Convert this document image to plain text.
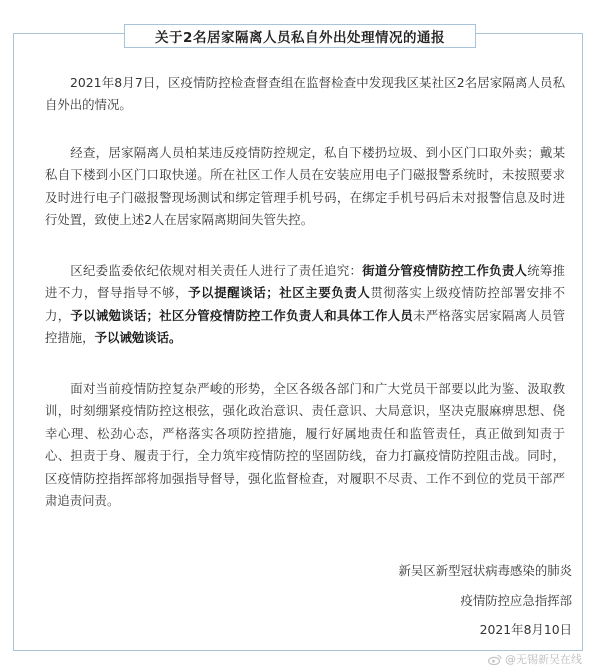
关于2名居家隔离人员私自外出处理情况的通报

2021年8月7日，区疫情防控检查督查组在监督检查中发现我区某社区2名居家隔离人员私自外出的情况。

经查，居家隔离人员柏某违反疫情防控规定，私自下楼扔垃圾、到小区门口取外卖；戴某私自下楼到小区门口取快递。所在社区工作人员在安装应用电子门磁报警系统时，未按照要求及时进行电子门磁报警现场测试和绑定管理手机号码，在绑定手机号码后未对报警信息及时进行处置，致使上述2人在居家隔离期间失管失控。

区纪委监委依纪依规对相关责任人进行了责任追究：街道分管疫情防控工作负责人统筹推进不力，督导指导不够，予以提醒谈话；社区主要负责人贯彻落实上级疫情防控部署安排不力，予以诫勉谈话；社区分管疫情防控工作负责人和具体工作人员未严格落实居家隔离人员管控措施，予以诫勉谈话。

面对当前疫情防控复杂严峻的形势，全区各级各部门和广大党员干部要以此为鉴、汲取教训，时刻绷紧疫情防控这根弦，强化政治意识、责任意识、大局意识，坚决克服麻痹思想、侥幸心理、松劲心态，严格落实各项防控措施，履行好属地责任和监管责任，真正做到知责于心、担责于身、履责于行，全力筑牢疫情防控的坚固防线，奋力打赢疫情防控阻击战。同时，区疫情防控指挥部将加强指导督导，强化监督检查，对履职不尽责、工作不到位的党员干部严肃追责问责。

新吴区新型冠状病毒感染的肺炎
疫情防控应急指挥部
2021年8月10日
@无锡新吴在线
